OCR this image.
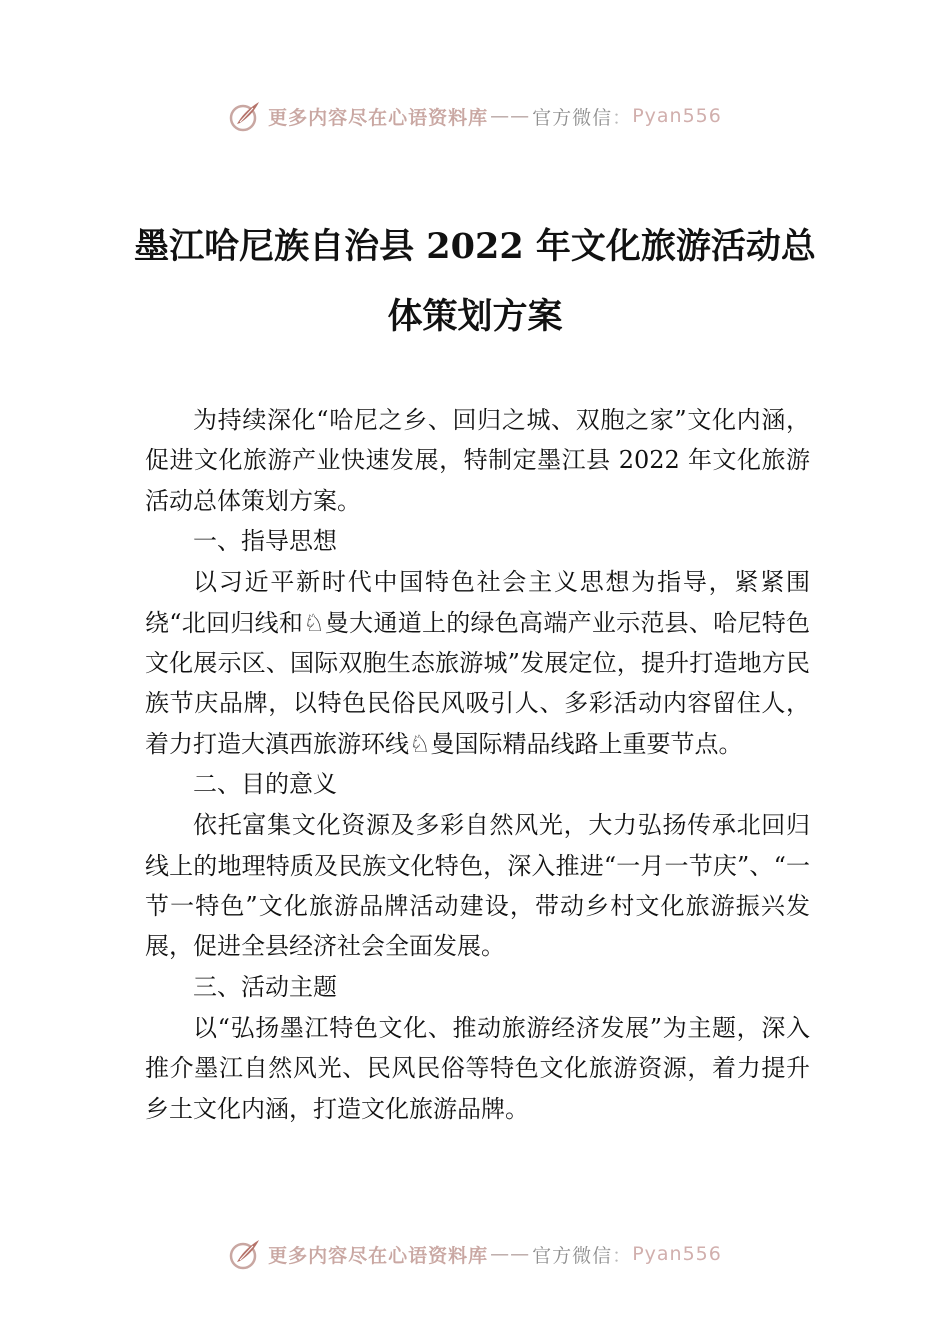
更多内容尽在心语资料库 —— 官方微信 ： Pyan556
墨江哈尼族自治县 2022 年文化旅游活动总
体策划方案

为持续深化“哈尼之乡、回归之城、双胞之家”文化内涵，促进文化旅游产业快速发展，特制定墨江县 2022 年文化旅游活动总体策划方案。

一、指导思想

以习近平新时代中国特色社会主义思想为指导，紧紧围绕“北回归线和♘曼大通道上的绿色高端产业示范县、哈尼特色文化展示区、国际双胞生态旅游城”发展定位，提升打造地方民族节庆品牌，以特色民俗民风吸引人、多彩活动内容留住人，着力打造大滇西旅游环线♘曼国际精品线路上重要节点。

二、目的意义

依托富集文化资源及多彩自然风光，大力弘扬传承北回归线上的地理特质及民族文化特色，深入推进“一月一节庆”、“一节一特色”文化旅游品牌活动建设，带动乡村文化旅游振兴发展，促进全县经济社会全面发展。

三、活动主题

以“弘扬墨江特色文化、推动旅游经济发展”为主题，深入推介墨江自然风光、民风民俗等特色文化旅游资源，着力提升乡土文化内涵，打造文化旅游品牌。

更多内容尽在心语资料库 —— 官方微信 ： Pyan556
